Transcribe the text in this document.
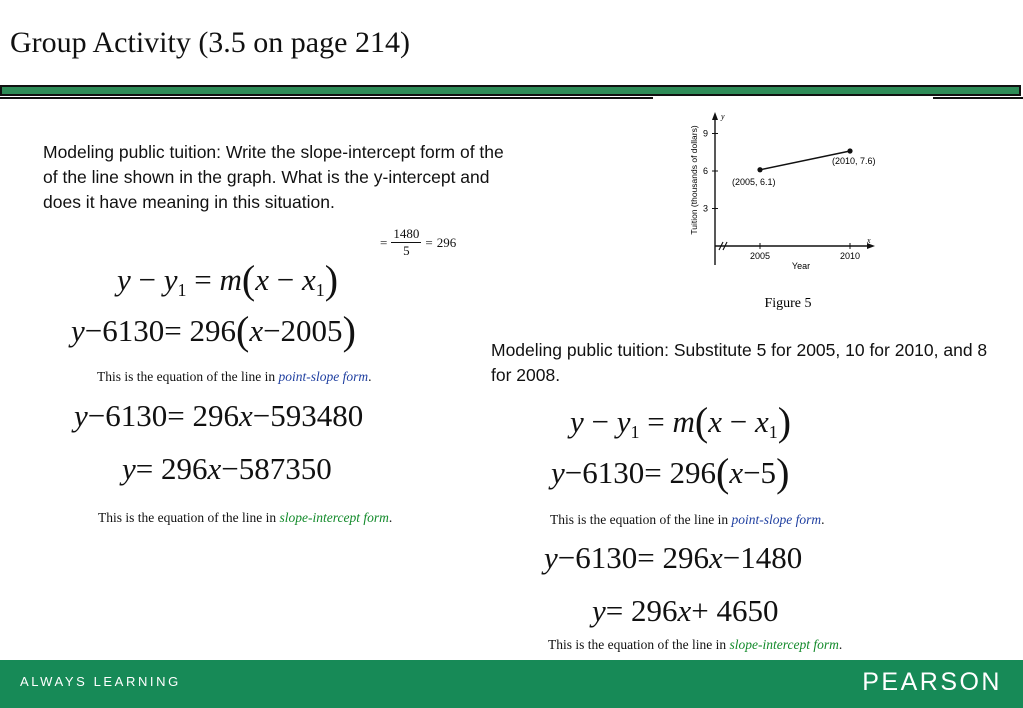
Group Activity (3.5 on page 214)
Modeling public tuition: Write the slope-intercept form of the of the line shown in the graph. What is the y-intercept and does it have meaning in this situation.
= $\frac{1480}{5} = 296$
$y - y_1 = m(x - x_1)$
y−6130= 296(x−2005)
This is the equation of the line in point-slope form.
y−6130= 296x−593480
y= 296x−587350
This is the equation of the line in slope-intercept form.
Modeling public tuition: Substitute 5 for 2005, 10 for 2010, and 8 for 2008.
$y - y_1 = m(x - x_1)$
y−6130= 296(x−5)
This is the equation of the line in point-slope form.
y−6130= 296x−1480
y= 296x+ 4650
This is the equation of the line in slope-intercept form.
y
x
3
6
9
2005	2010
Tuition (thousands of dollars)
Year
(2005, 6.1)
(2010, 7.6)
Figure 5
ALWAYS LEARNING	PEARSON
